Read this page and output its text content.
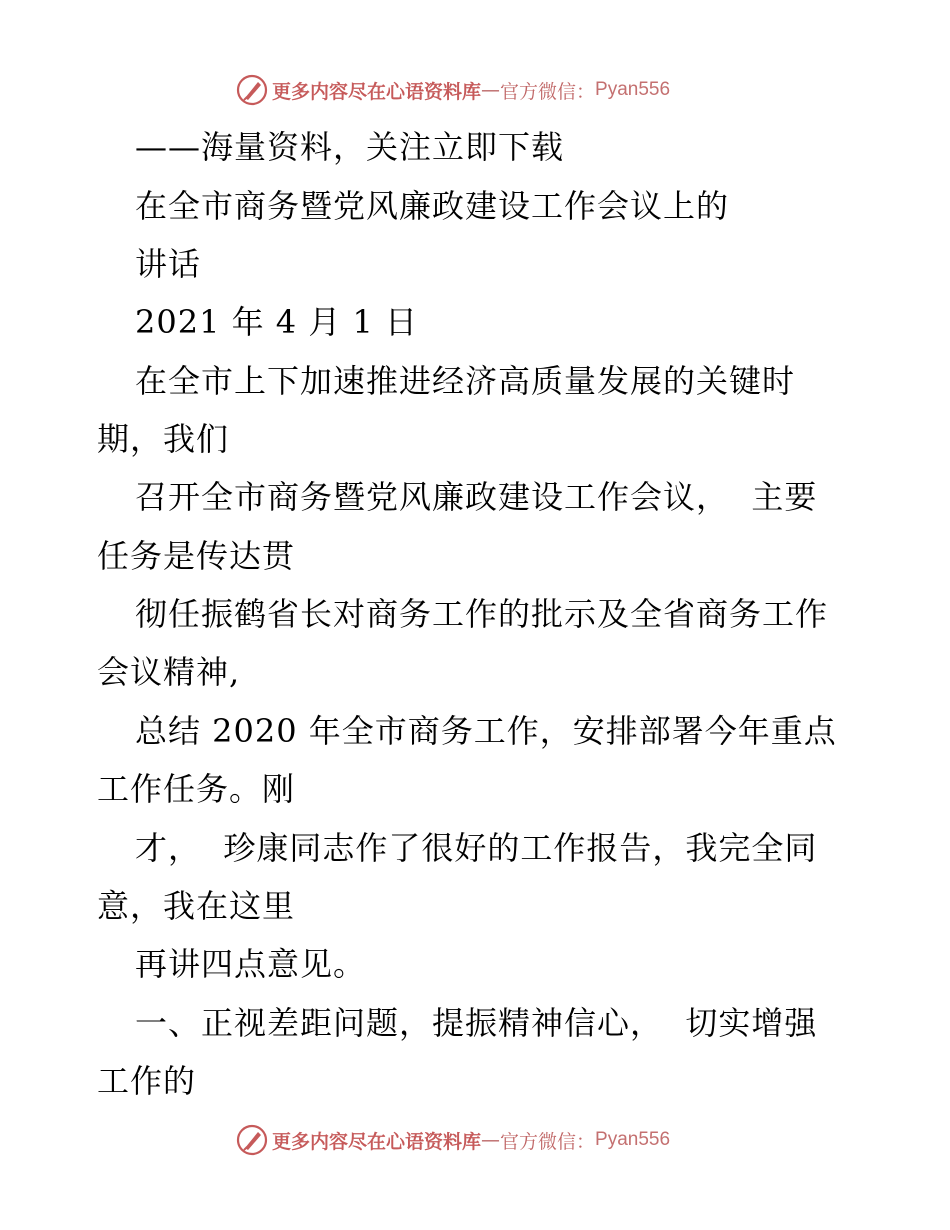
更多内容尽在心语资料库 — 官方微信： Pyan556
——海量资料，关注立即下载
在全市商务暨党风廉政建设工作会议上的
讲话
2021 年 4 月 1 日
在全市上下加速推进经济高质量发展的关键时
期，我们
召开全市商务暨党风廉政建设工作会议，  主要
任务是传达贯
彻任振鹤省长对商务工作的批示及全省商务工作
会议精神,
总结 2020 年全市商务工作，安排部署今年重点
工作任务。刚
才，  珍康同志作了很好的工作报告，我完全同
意，我在这里
再讲四点意见。
一、正视差距问题，提振精神信心，  切实增强
工作的
更多内容尽在心语资料库 — 官方微信： Pyan556
